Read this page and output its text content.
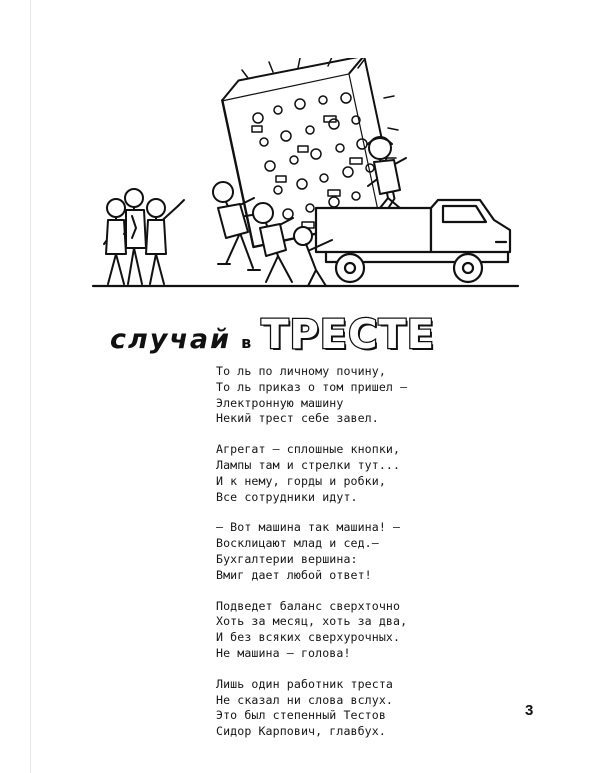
случай в ТРЕСТЕ
То ль по личному почину,
То ль приказ о том пришел —
Электронную машину
Некий трест себе завел.
Агрегат — сплошные кнопки,
Лампы там и стрелки тут...
И к нему, горды и робки,
Все сотрудники идут.
— Вот машина так машина! —
Восклицают млад и сед.—
Бухгалтерии вершина:
Вмиг дает любой ответ!
Подведет баланс сверхточно
Хоть за месяц, хоть за два,
И без всяких сверхурочных.
Не машина — голова!
Лишь один работник треста
Не сказал ни слова вслух.
Это был степенный Тестов
Сидор Карпович, главбух.
3
